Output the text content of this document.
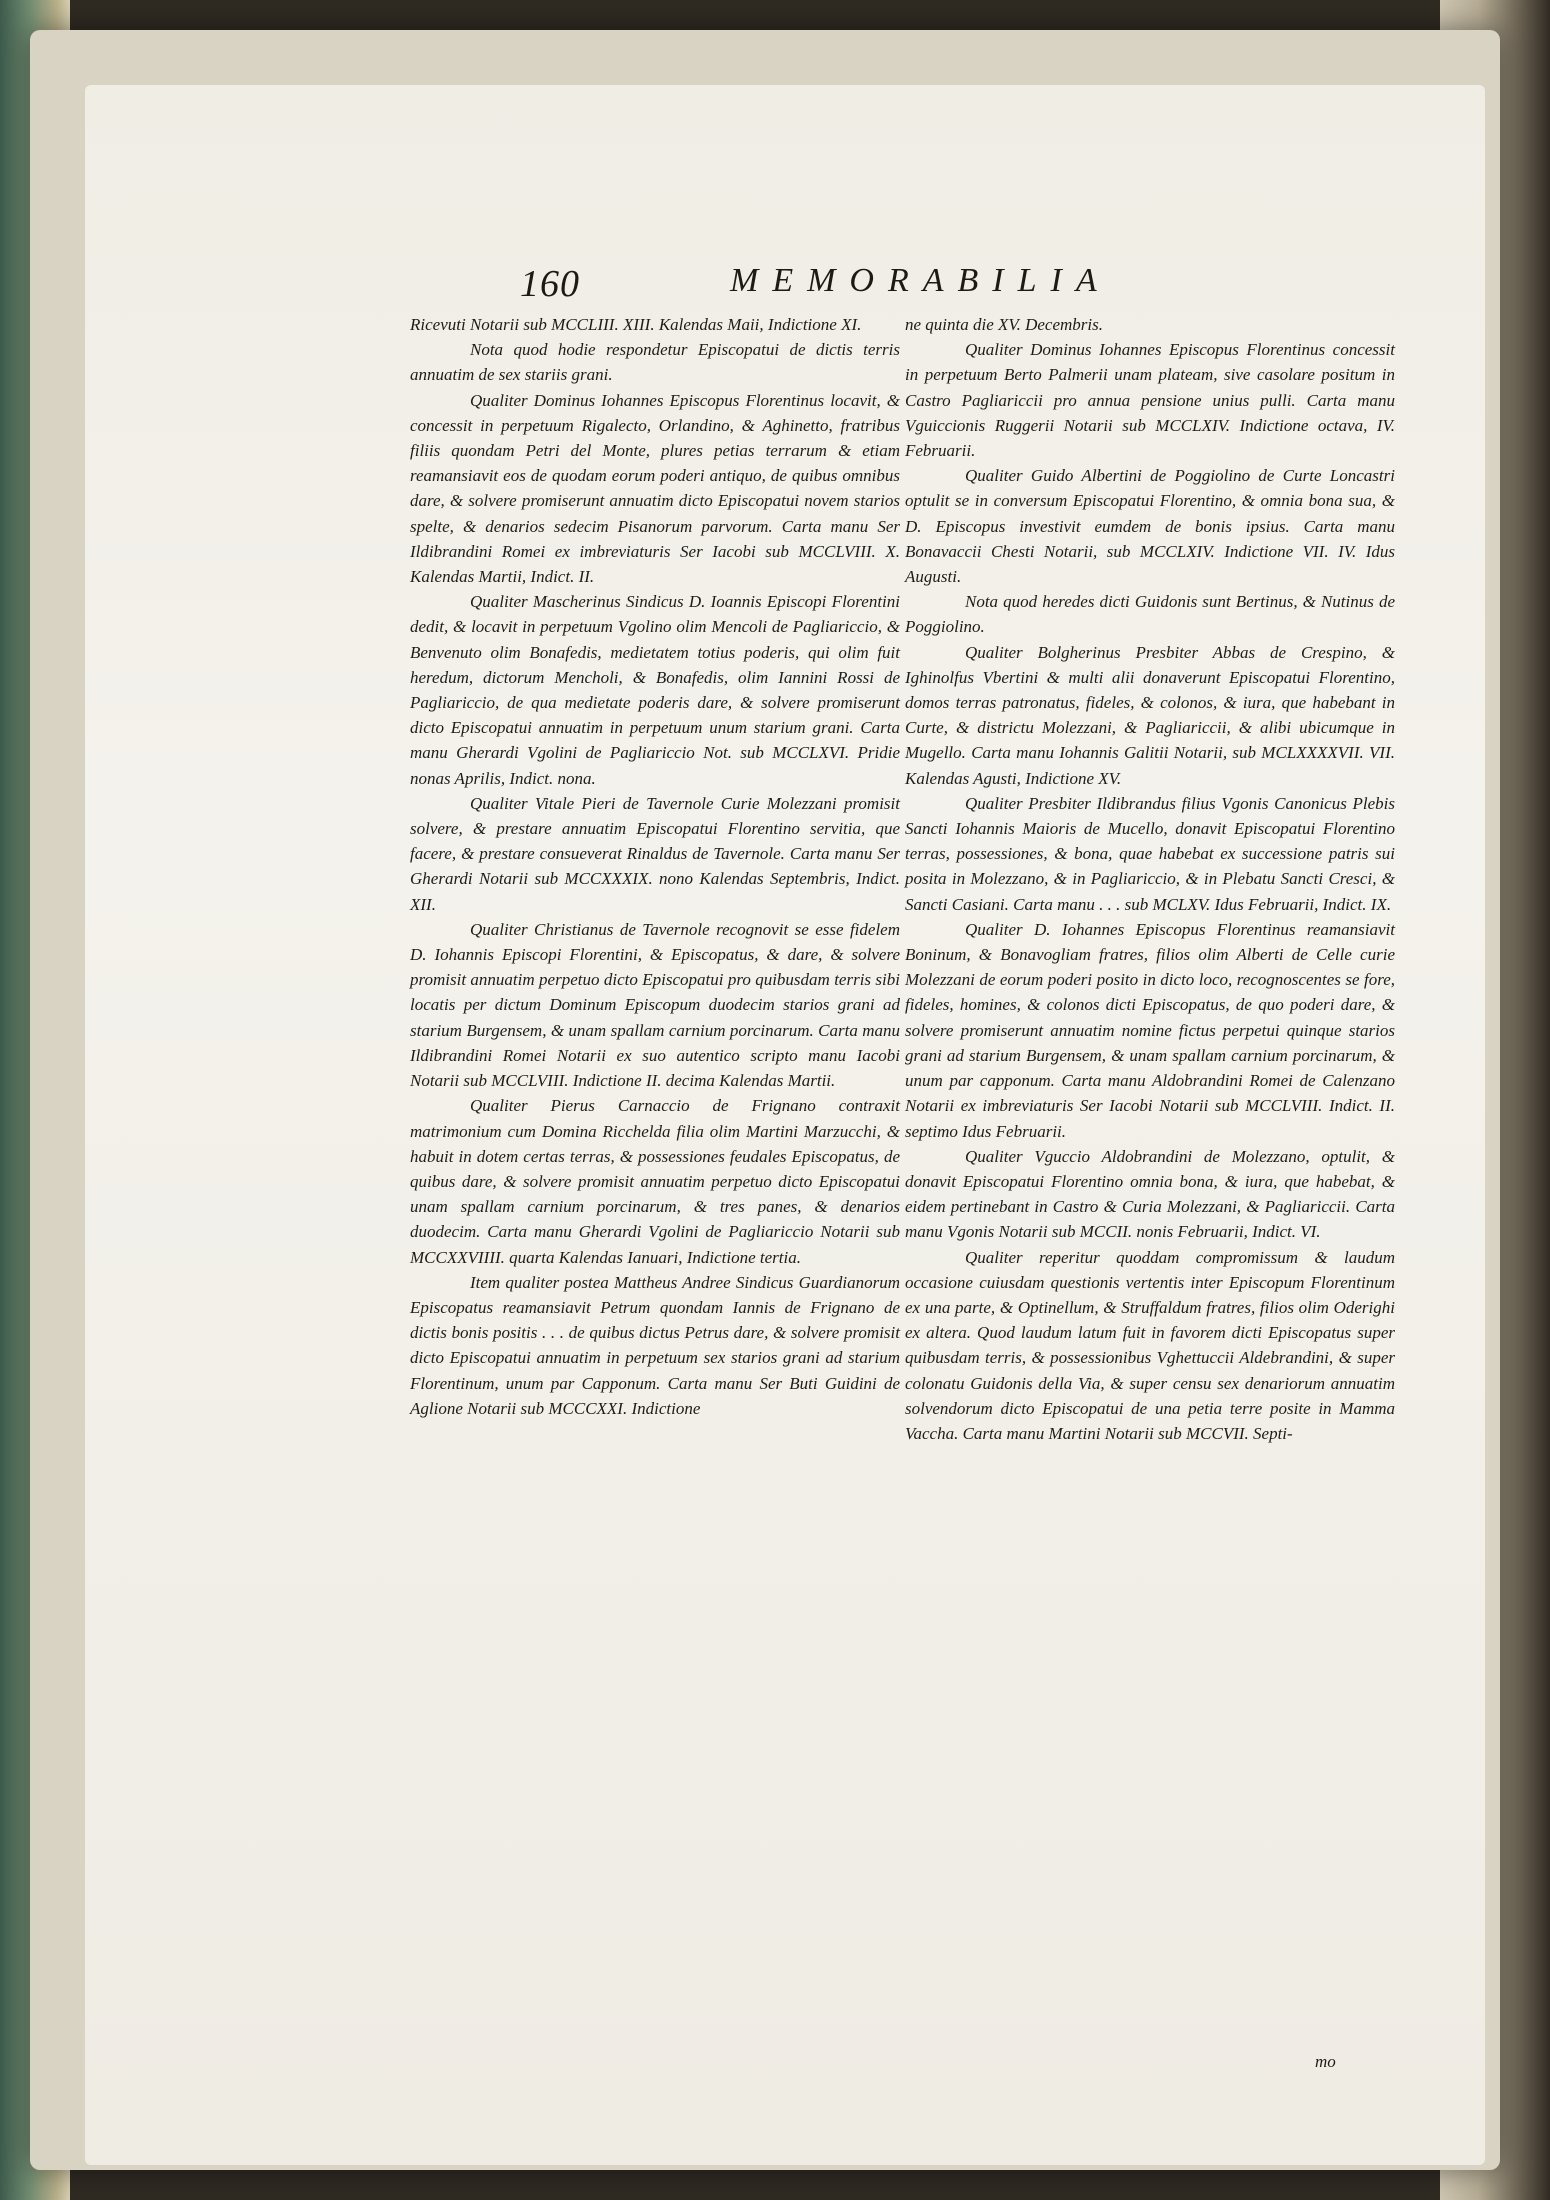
160	MEMORABILIA

Ricevuti Notarii sub MCCLIII. XIII. Kalendas Maii, Indictione XI.

Nota quod hodie respondetur Episcopatui de dictis terris annuatim de sex stariis grani.

Qualiter Dominus Iohannes Episcopus Florentinus locavit, & concessit in perpetuum Rigalecto, Orlandino, & Aghinetto, fratribus filiis quondam Petri del Monte, plures petias terrarum & etiam reamansiavit eos de quodam eorum poderi antiquo, de quibus omnibus dare, & solvere promiserunt annuatim dicto Episcopatui novem starios spelte, & denarios sedecim Pisanorum parvorum. Carta manu Ser Ildibrandini Romei ex imbreviaturis Ser Iacobi sub MCCLVIII. X. Kalendas Martii, Indict. II.

Qualiter Mascherinus Sindicus D. Ioannis Episcopi Florentini dedit, & locavit in perpetuum Vgolino olim Mencoli de Pagliariccio, & Benvenuto olim Bonafedis, medietatem totius poderis, qui olim fuit heredum, dictorum Mencholi, & Bonafedis, olim Iannini Rossi de Pagliariccio, de qua medietate poderis dare, & solvere promiserunt dicto Episcopatui annuatim in perpetuum unum starium grani. Carta manu Gherardi Vgolini de Pagliariccio Not. sub MCCLXVI. Pridie nonas Aprilis, Indict. nona.

Qualiter Vitale Pieri de Tavernole Curie Molezzani promisit solvere, & prestare annuatim Episcopatui Florentino servitia, que facere, & prestare consueverat Rinaldus de Tavernole. Carta manu Ser Gherardi Notarii sub MCCXXXIX. nono Kalendas Septembris, Indict. XII.

Qualiter Christianus de Tavernole recognovit se esse fidelem D. Iohannis Episcopi Florentini, & Episcopatus, & dare, & solvere promisit annuatim perpetuo dicto Episcopatui pro quibusdam terris sibi locatis per dictum Dominum Episcopum duodecim starios grani ad starium Burgensem, & unam spallam carnium porcinarum. Carta manu Ildibrandini Romei Notarii ex suo autentico scripto manu Iacobi Notarii sub MCCLVIII. Indictione II. decima Kalendas Martii.

Qualiter Pierus Carnaccio de Frignano contraxit matrimonium cum Domina Ricchelda filia olim Martini Marzucchi, & habuit in dotem certas terras, & possessiones feudales Episcopatus, de quibus dare, & solvere promisit annuatim perpetuo dicto Episcopatui unam spallam carnium porcinarum, & tres panes, & denarios duodecim. Carta manu Gherardi Vgolini de Pagliariccio Notarii sub MCCXXVIIII. quarta Kalendas Ianuari, Indictione tertia.

Item qualiter postea Mattheus Andree Sindicus Guardianorum Episcopatus reamansiavit Petrum quondam Iannis de Frignano de dictis bonis positis . . . de quibus dictus Petrus dare, & solvere promisit dicto Episcopatui annuatim in perpetuum sex starios grani ad starium Florentinum, unum par Capponum. Carta manu Ser Buti Guidini de Aglione Notarii sub MCCCXXI. Indictione

ne quinta die XV. Decembris.

Qualiter Dominus Iohannes Episcopus Florentinus concessit in perpetuum Berto Palmerii unam plateam, sive casolare positum in Castro Pagliariccii pro annua pensione unius pulli. Carta manu Vguiccionis Ruggerii Notarii sub MCCLXIV. Indictione octava, IV. Februarii.

Qualiter Guido Albertini de Poggiolino de Curte Loncastri optulit se in conversum Episcopatui Florentino, & omnia bona sua, & D. Episcopus investivit eumdem de bonis ipsius. Carta manu Bonavaccii Chesti Notarii, sub MCCLXIV. Indictione VII. IV. Idus Augusti.

Nota quod heredes dicti Guidonis sunt Bertinus, & Nutinus de Poggiolino.

Qualiter Bolgherinus Presbiter Abbas de Crespino, & Ighinolfus Vbertini & multi alii donaverunt Episcopatui Florentino, domos terras patronatus, fideles, & colonos, & iura, que habebant in Curte, & districtu Molezzani, & Pagliariccii, & alibi ubicumque in Mugello. Carta manu Iohannis Galitii Notarii, sub MCLXXXXVII. VII. Kalendas Agusti, Indictione XV.

Qualiter Presbiter Ildibrandus filius Vgonis Canonicus Plebis Sancti Iohannis Maioris de Mucello, donavit Episcopatui Florentino terras, possessiones, & bona, quae habebat ex successione patris sui posita in Molezzano, & in Pagliariccio, & in Plebatu Sancti Cresci, & Sancti Casiani. Carta manu . . . sub MCLXV. Idus Februarii, Indict. IX.

Qualiter D. Iohannes Episcopus Florentinus reamansiavit Boninum, & Bonavogliam fratres, filios olim Alberti de Celle curie Molezzani de eorum poderi posito in dicto loco, recognoscentes se fore, fideles, homines, & colonos dicti Episcopatus, de quo poderi dare, & solvere promiserunt annuatim nomine fictus perpetui quinque starios grani ad starium Burgensem, & unam spallam carnium porcinarum, & unum par capponum. Carta manu Aldobrandini Romei de Calenzano Notarii ex imbreviaturis Ser Iacobi Notarii sub MCCLVIII. Indict. II. septimo Idus Februarii.

Qualiter Vguccio Aldobrandini de Molezzano, optulit, & donavit Episcopatui Florentino omnia bona, & iura, que habebat, & eidem pertinebant in Castro & Curia Molezzani, & Pagliariccii. Carta manu Vgonis Notarii sub MCCII. nonis Februarii, Indict. VI.

Qualiter reperitur quoddam compromissum & laudum occasione cuiusdam questionis vertentis inter Episcopum Florentinum ex una parte, & Optinellum, & Struffaldum fratres, filios olim Oderighi ex altera. Quod laudum latum fuit in favorem dicti Episcopatus super quibusdam terris, & possessionibus Vghettuccii Aldebrandini, & super colonatu Guidonis della Via, & super censu sex denariorum annuatim solvendorum dicto Episcopatui de una petia terre posite in Mamma Vaccha. Carta manu Martini Notarii sub MCCVII. Septi-

mo
